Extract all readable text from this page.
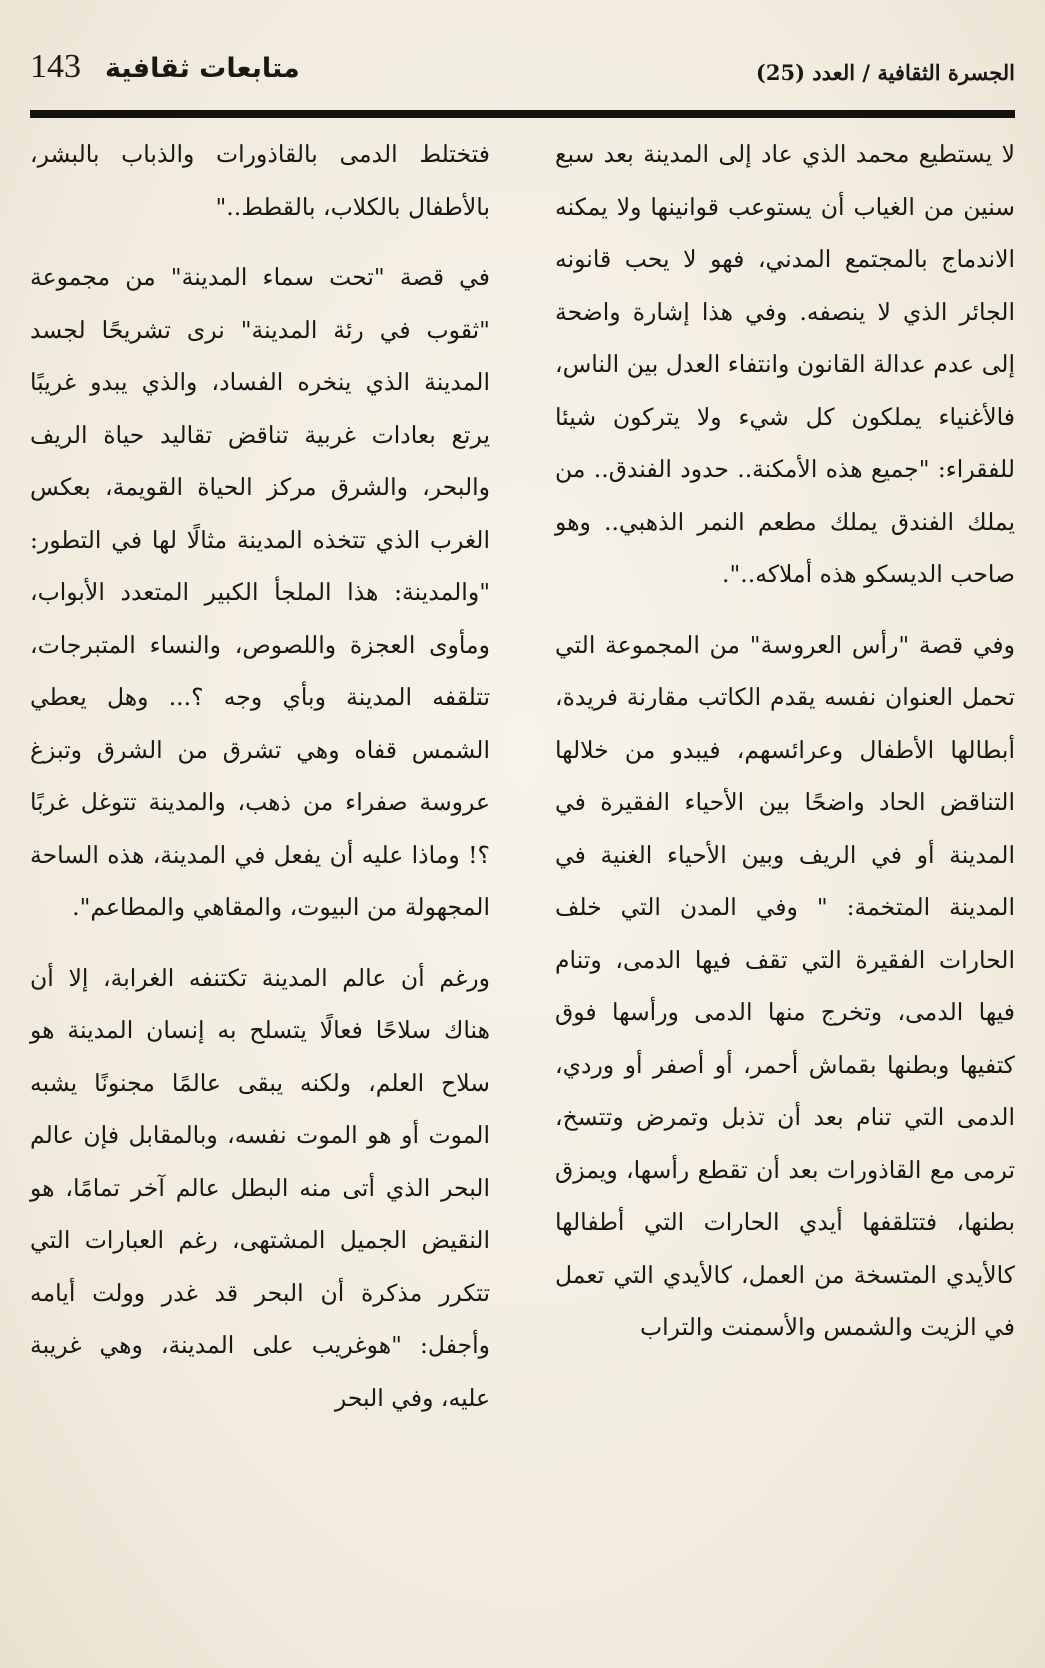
الجسرة الثقافية / العدد (25)
143 متابعات ثقافية

لا يستطيع محمد الذي عاد إلى المدينة بعد سبع سنين من الغياب أن يستوعب قوانينها ولا يمكنه الاندماج بالمجتمع المدني، فهو لا يحب قانونه الجائر الذي لا ينصفه. وفي هذا إشارة واضحة إلى عدم عدالة القانون وانتفاء العدل بين الناس، فالأغنياء يملكون كل شيء ولا يتركون شيئا للفقراء: "جميع هذه الأمكنة.. حدود الفندق.. من يملك الفندق يملك مطعم النمر الذهبي.. وهو صاحب الديسكو هذه أملاكه..".

وفي قصة "رأس العروسة" من المجموعة التي تحمل العنوان نفسه يقدم الكاتب مقارنة فريدة، أبطالها الأطفال وعرائسهم، فيبدو من خلالها التناقض الحاد واضحًا بين الأحياء الفقيرة في المدينة أو في الريف وبين الأحياء الغنية في المدينة المتخمة: " وفي المدن التي خلف الحارات الفقيرة التي تقف فيها الدمى، وتنام فيها الدمى، وتخرج منها الدمى ورأسها فوق كتفيها وبطنها بقماش أحمر، أو أصفر أو وردي، الدمى التي تنام بعد أن تذبل وتمرض وتتسخ، ترمى مع القاذورات بعد أن تقطع رأسها، ويمزق بطنها، فتتلقفها أيدي الحارات التي أطفالها كالأيدي المتسخة من العمل، كالأيدي التي تعمل في الزيت والشمس والأسمنت والتراب

فتختلط الدمى بالقاذورات والذباب بالبشر، بالأطفال بالكلاب، بالقطط.."

في قصة "تحت سماء المدينة" من مجموعة "ثقوب في رئة المدينة" نرى تشريحًا لجسد المدينة الذي ينخره الفساد، والذي يبدو غريبًا يرتع بعادات غربية تناقض تقاليد حياة الريف والبحر، والشرق مركز الحياة القويمة، بعكس الغرب الذي تتخذه المدينة مثالًا لها في التطور: "والمدينة: هذا الملجأ الكبير المتعدد الأبواب، ومأوى العجزة واللصوص، والنساء المتبرجات، تتلقفه المدينة وبأي وجه ؟... وهل يعطي الشمس قفاه وهي تشرق من الشرق وتبزغ عروسة صفراء من ذهب، والمدينة تتوغل غربًا ؟! وماذا عليه أن يفعل في المدينة، هذه الساحة المجهولة من البيوت، والمقاهي والمطاعم".

ورغم أن عالم المدينة تكتنفه الغرابة، إلا أن هناك سلاحًا فعالًا يتسلح به إنسان المدينة هو سلاح العلم، ولكنه يبقى عالمًا مجنونًا يشبه الموت أو هو الموت نفسه، وبالمقابل فإن عالم البحر الذي أتى منه البطل عالم آخر تمامًا، هو النقيض الجميل المشتهى، رغم العبارات التي تتكرر مذكرة أن البحر قد غدر وولت أيامه وأجفل: "هوغريب على المدينة، وهي غريبة عليه، وفي البحر
